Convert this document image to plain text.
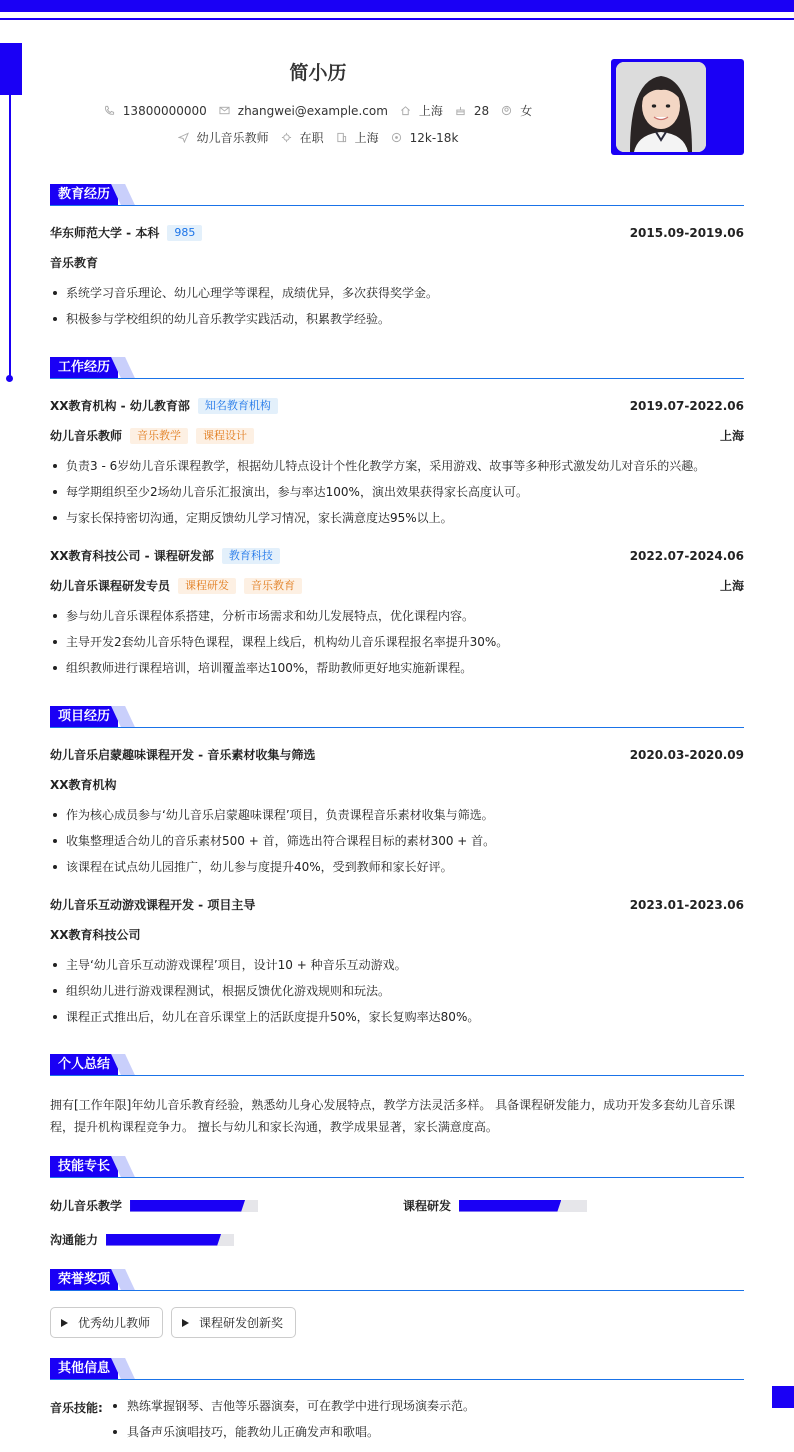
简小历
13800000000	zhangwei@example.com	上海	28	女
幼儿音乐教师	在职	上海	12k-18k
教育经历
华东师范大学 - 本科	985	2015.09-2019.06
音乐教育
系统学习音乐理论、幼儿心理学等课程，成绩优异，多次获得奖学金。
积极参与学校组织的幼儿音乐教学实践活动，积累教学经验。
工作经历
XX教育机构 - 幼儿教育部	知名教育机构	2019.07-2022.06
幼儿音乐教师	音乐教学	课程设计	上海
负责3 - 6岁幼儿音乐课程教学，根据幼儿特点设计个性化教学方案，采用游戏、故事等多种形式激发幼儿对音乐的兴趣。
每学期组织至少2场幼儿音乐汇报演出，参与率达100%，演出效果获得家长高度认可。
与家长保持密切沟通，定期反馈幼儿学习情况，家长满意度达95%以上。
XX教育科技公司 - 课程研发部	教育科技	2022.07-2024.06
幼儿音乐课程研发专员	课程研发	音乐教育	上海
参与幼儿音乐课程体系搭建，分析市场需求和幼儿发展特点，优化课程内容。
主导开发2套幼儿音乐特色课程，课程上线后，机构幼儿音乐课程报名率提升30%。
组织教师进行课程培训，培训覆盖率达100%，帮助教师更好地实施新课程。
项目经历
幼儿音乐启蒙趣味课程开发 - 音乐素材收集与筛选	2020.03-2020.09
XX教育机构
作为核心成员参与‘幼儿音乐启蒙趣味课程’项目，负责课程音乐素材收集与筛选。
收集整理适合幼儿的音乐素材500 + 首，筛选出符合课程目标的素材300 + 首。
该课程在试点幼儿园推广，幼儿参与度提升40%，受到教师和家长好评。
幼儿音乐互动游戏课程开发 - 项目主导	2023.01-2023.06
XX教育科技公司
主导‘幼儿音乐互动游戏课程’项目，设计10 + 种音乐互动游戏。
组织幼儿进行游戏课程测试，根据反馈优化游戏规则和玩法。
课程正式推出后，幼儿在音乐课堂上的活跃度提升50%，家长复购率达80%。
个人总结
拥有[工作年限]年幼儿音乐教育经验，熟悉幼儿身心发展特点，教学方法灵活多样。 具备课程研发能力，成功开发多套幼儿音乐课程，提升机构课程竞争力。 擅长与幼儿和家长沟通，教学成果显著，家长满意度高。
技能专长
幼儿音乐教学	课程研发
沟通能力
荣誉奖项
优秀幼儿教师	课程研发创新奖
其他信息
音乐技能:	熟练掌握钢琴、吉他等乐器演奏，可在教学中进行现场演奏示范。
具备声乐演唱技巧，能教幼儿正确发声和歌唱。
